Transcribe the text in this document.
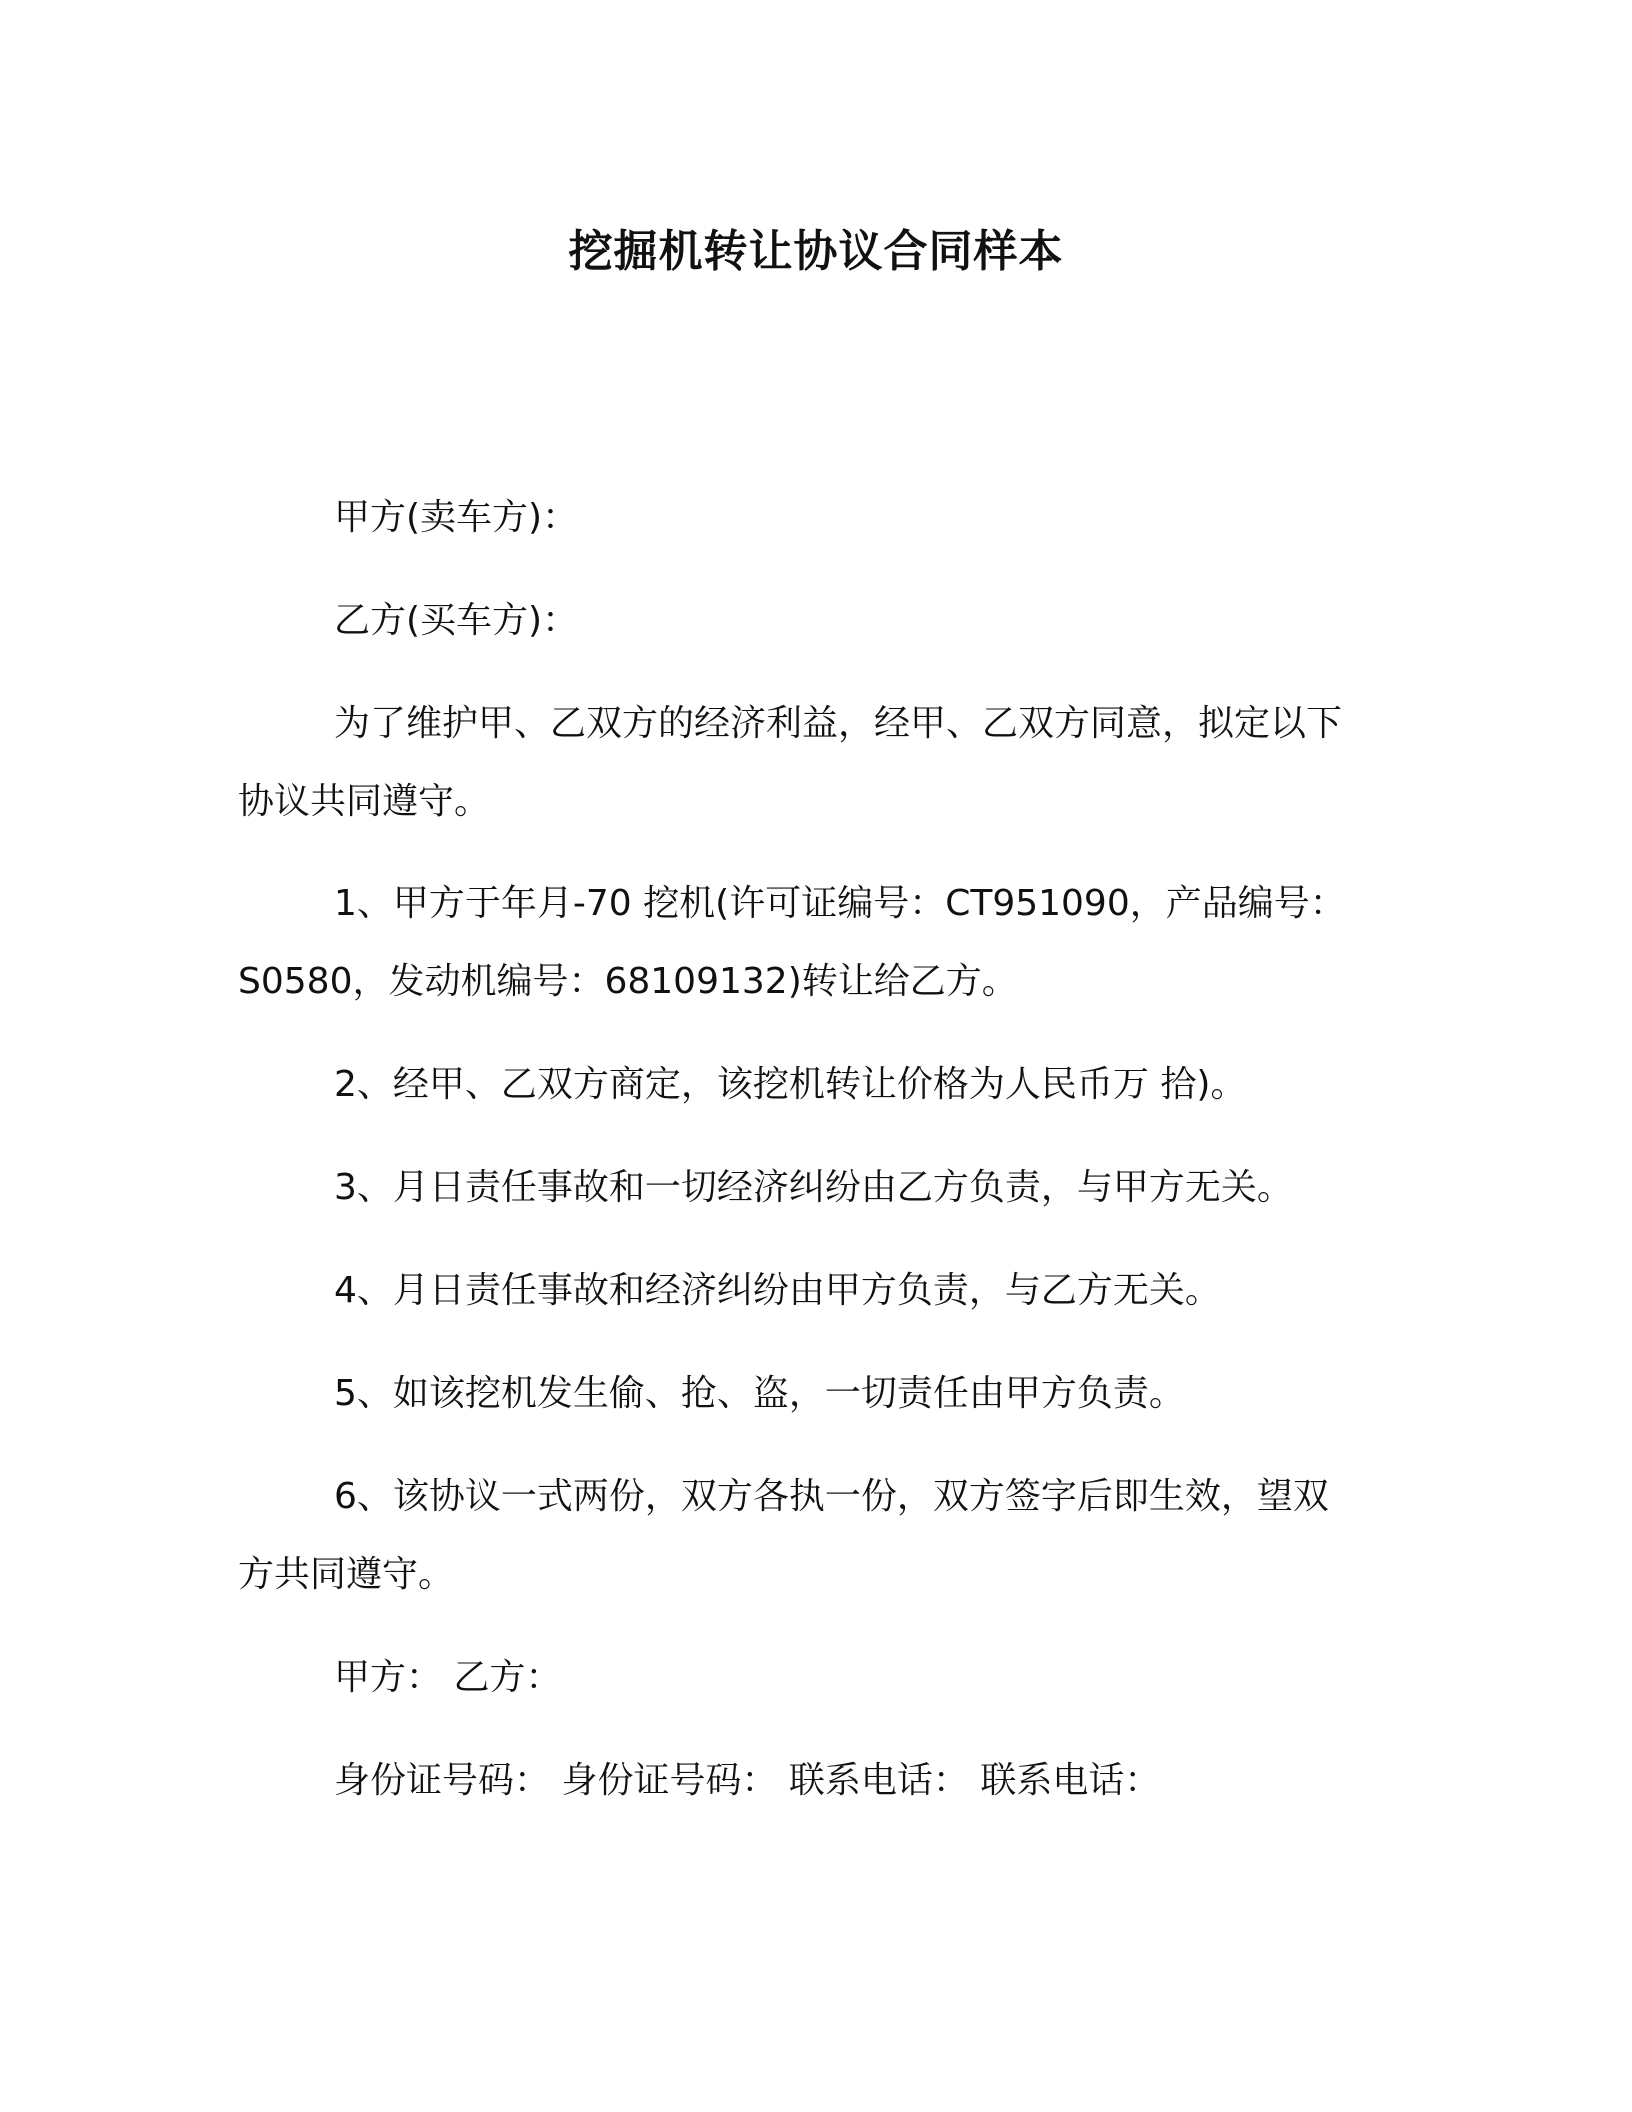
挖掘机转让协议合同样本

甲方(卖车方)：

乙方(买车方)：

为了维护甲、乙双方的经济利益，经甲、乙双方同意，拟定以下

协议共同遵守。

1、甲方于年月-70 挖机(许可证编号：CT951090，产品编号：

S0580，发动机编号：68109132)转让给乙方。

2、经甲、乙双方商定，该挖机转让价格为人民币万 拾)。

3、月日责任事故和一切经济纠纷由乙方负责，与甲方无关。

4、月日责任事故和经济纠纷由甲方负责，与乙方无关。

5、如该挖机发生偷、抢、盗，一切责任由甲方负责。

6、该协议一式两份，双方各执一份，双方签字后即生效，望双

方共同遵守。

甲方： 乙方：

身份证号码： 身份证号码： 联系电话： 联系电话：
